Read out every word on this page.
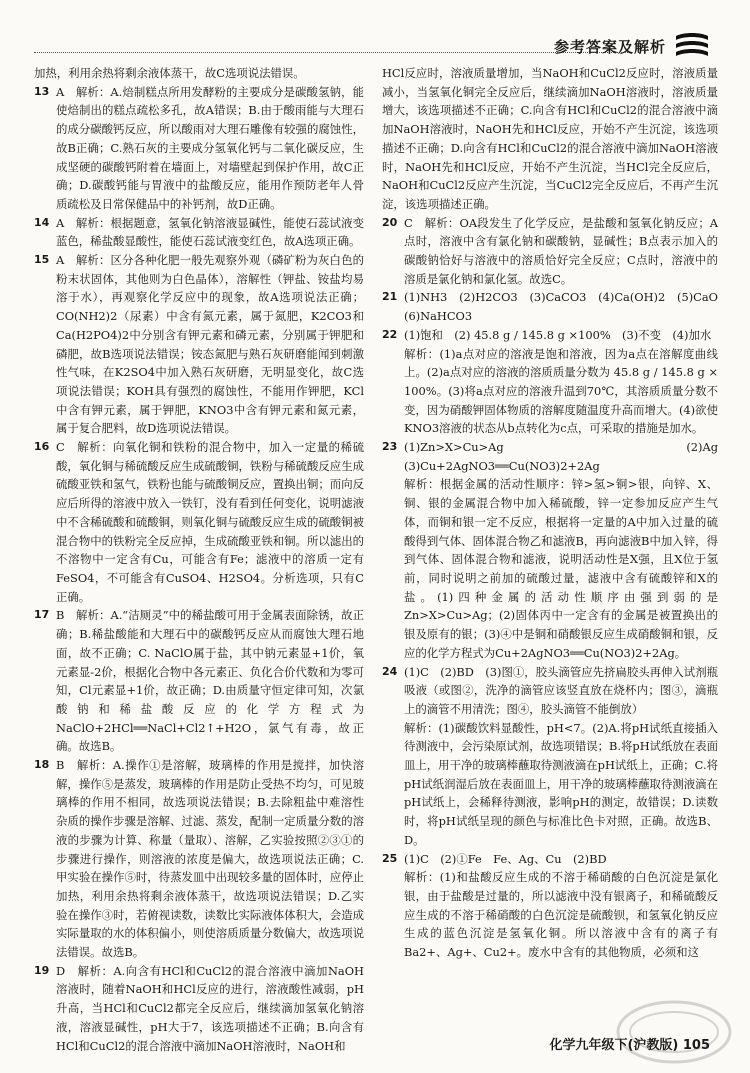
参考答案及解析

加热，利用余热将剩余液体蒸干，故C选项说法错误。

13 A　解析：A.焙制糕点所用发酵粉的主要成分是碳酸氢钠，能使焙制出的糕点疏松多孔，故A错误；B.由于酸雨能与大理石的成分碳酸钙反应，所以酸雨对大理石雕像有较强的腐蚀性，故B正确；C.熟石灰的主要成分氢氧化钙与二氧化碳反应，生成坚硬的碳酸钙附着在墙面上，对墙壁起到保护作用，故C正确；D.碳酸钙能与胃液中的盐酸反应，能用作预防老年人骨质疏松及日常保健品中的补钙剂，故D正确。
14 A　解析：根据题意，氢氧化钠溶液显碱性，能使石蕊试液变蓝色，稀盐酸显酸性，能使石蕊试液变红色，故A选项正确。
15 A　解析：区分各种化肥一般先观察外观（磷矿粉为灰白色的粉末状固体，其他则为白色晶体），溶解性（钾盐、铵盐均易溶于水），再观察化学反应中的现象，故A选项说法正确；CO(NH2)2（尿素）中含有氮元素，属于氮肥，K2CO3和Ca(H2PO4)2中分别含有钾元素和磷元素，分别属于钾肥和磷肥，故B选项说法错误；铵态氮肥与熟石灰研磨能闻到刺激性气味，在K2SO4中加入熟石灰研磨，无明显变化，故C选项说法错误；KOH具有强烈的腐蚀性，不能用作钾肥，KCl中含有钾元素，属于钾肥，KNO3中含有钾元素和氮元素，属于复合肥料，故D选项说法错误。
16 C　解析：向氧化铜和铁粉的混合物中，加入一定量的稀硫酸，氧化铜与稀硫酸反应生成硫酸铜，铁粉与稀硫酸反应生成硫酸亚铁和氢气，铁粉也能与硫酸铜反应，置换出铜；而向反应后所得的溶液中放入一铁钉，没有看到任何变化，说明滤液中不含稀硫酸和硫酸铜，则氧化铜与硫酸反应生成的硫酸铜被混合物中的铁粉完全反应掉，生成硫酸亚铁和铜。所以滤出的不溶物中一定含有Cu，可能含有Fe；滤液中的溶质一定有FeSO4，不可能含有CuSO4、H2SO4。分析选项，只有C正确。
17 B　解析：A.“洁厕灵”中的稀盐酸可用于金属表面除锈，故正确；B.稀盐酸能和大理石中的碳酸钙反应从而腐蚀大理石地面，故不正确；C. NaClO属于盐，其中钠元素显+1价，氧元素显-2价，根据化合物中各元素正、负化合价代数和为零可知，Cl元素显+1价，故正确；D.由质量守恒定律可知，次氯酸钠和稀盐酸反应的化学方程式为 NaClO+2HCl══NaCl+Cl2↑+H2O，氯气有毒，故正确。故选B。
18 B　解析：A.操作①是溶解，玻璃棒的作用是搅拌，加快溶解，操作⑤是蒸发，玻璃棒的作用是防止受热不均匀，可见玻璃棒的作用不相同，故选项说法错误；B.去除粗盐中难溶性杂质的操作步骤是溶解、过滤、蒸发，配制一定质量分数的溶液的步骤为计算、称量（量取）、溶解，乙实验按照②③①的步骤进行操作，则溶液的浓度是偏大，故选项说法正确；C.甲实验在操作⑤时，待蒸发皿中出现较多量的固体时，应停止加热，利用余热将剩余液体蒸干，故选项说法错误；D.乙实验在操作③时，若俯视读数，读数比实际液体体积大，会造成实际量取的水的体积偏小，则使溶质质量分数偏大，故选项说法错误。故选B。
19 D　解析：A.向含有HCl和CuCl2的混合溶液中滴加NaOH溶液时，随着NaOH和HCl反应的进行，溶液酸性减弱，pH升高，当HCl和CuCl2都完全反应后，继续滴加氢氧化钠溶液，溶液显碱性，pH大于7，该选项描述不正确；B.向含有HCl和CuCl2的混合溶液中滴加NaOH溶液时，NaOH和

HCl反应时，溶液质量增加，当NaOH和CuCl2反应时，溶液质量减小，当氢氧化铜完全反应后，继续滴加NaOH溶液时，溶液质量增大，该选项描述不正确；C.向含有HCl和CuCl2的混合溶液中滴加NaOH溶液时，NaOH先和HCl反应，开始不产生沉淀，该选项描述不正确；D.向含有HCl和CuCl2的混合溶液中滴加NaOH溶液时，NaOH先和HCl反应，开始不产生沉淀，当HCl完全反应后，NaOH和CuCl2反应产生沉淀，当CuCl2完全反应后，不再产生沉淀，该选项描述正确。

20 C　解析：OA段发生了化学反应，是盐酸和氢氧化钠反应；A点时，溶液中含有氯化钠和碳酸钠，显碱性；B点表示加入的碳酸钠恰好与溶液中的溶质恰好完全反应；C点时，溶液中的溶质是氯化钠和氯化氢。故选C。
21 (1)NH3　(2)H2CO3　(3)CaCO3　(4)Ca(OH)2　(5)CaO　(6)NaHCO3
22 (1)饱和　(2) 45.8 g / 145.8 g ×100%　(3)不变　(4)加水
解析：(1)a点对应的溶液是饱和溶液，因为a点在溶解度曲线上。(2)a点对应的溶液的溶质质量分数为 45.8 g / 145.8 g × 100%。(3)将a点对应的溶液升温到70℃，其溶质质量分数不变，因为硝酸钾固体物质的溶解度随温度升高而增大。(4)欲使KNO3溶液的状态从b点转化为c点，可采取的措施是加水。
23 (1)Zn>X>Cu>Ag　(2)Ag　(3)Cu+2AgNO3══Cu(NO3)2+2Ag
解析：根据金属的活动性顺序：锌>氢>铜>银，向锌、X、铜、银的金属混合物中加入稀硫酸，锌一定参加反应产生气体，而铜和银一定不反应，根据将一定量的A中加入过量的硫酸得到气体、固体混合物乙和滤液B，再向滤液B中加入锌，得到气体、固体混合物和滤液，说明活动性是X强，且X位于氢前，同时说明之前加的硫酸过量，滤液中含有硫酸锌和X的盐。(1)四种金属的活动性顺序由强到弱的是Zn>X>Cu>Ag；(2)固体丙中一定含有的金属是被置换出的银及原有的银；(3)④中是铜和硝酸银反应生成硝酸铜和银，反应的化学方程式为Cu+2AgNO3══Cu(NO3)2+2Ag。
24 (1)C　(2)BD　(3)图①，胶头滴管应先挤扁胶头再伸入试剂瓶吸液（或图②，洗净的滴管应该竖直放在烧杯内；图③，滴瓶上的滴管不用清洗；图④，胶头滴管不能倒放）
解析：(1)碳酸饮料显酸性，pH<7。(2)A.将pH试纸直接插入待测液中，会污染原试剂，故选项错误；B.将pH试纸放在表面皿上，用干净的玻璃棒蘸取待测液滴在pH试纸上，正确；C.将pH试纸润湿后放在表面皿上，用干净的玻璃棒蘸取待测液滴在pH试纸上，会稀释待测液，影响pH的测定，故错误；D.读数时，将pH试纸呈现的颜色与标准比色卡对照，正确。故选B、D。
25 (1)C　(2)①Fe　Fe、Ag、Cu　(2)BD
解析：(1)和盐酸反应生成的不溶于稀硝酸的白色沉淀是氯化银，由于盐酸是过量的，所以滤液中没有银离子，和稀硫酸反应生成的不溶于稀硝酸的白色沉淀是硫酸钡，和氢氧化钠反应生成的蓝色沉淀是氢氧化铜。所以溶液中含有的离子有Ba2+、Ag+、Cu2+。废水中含有的其他物质，必须和这
化学九年级下(沪教版) 105
